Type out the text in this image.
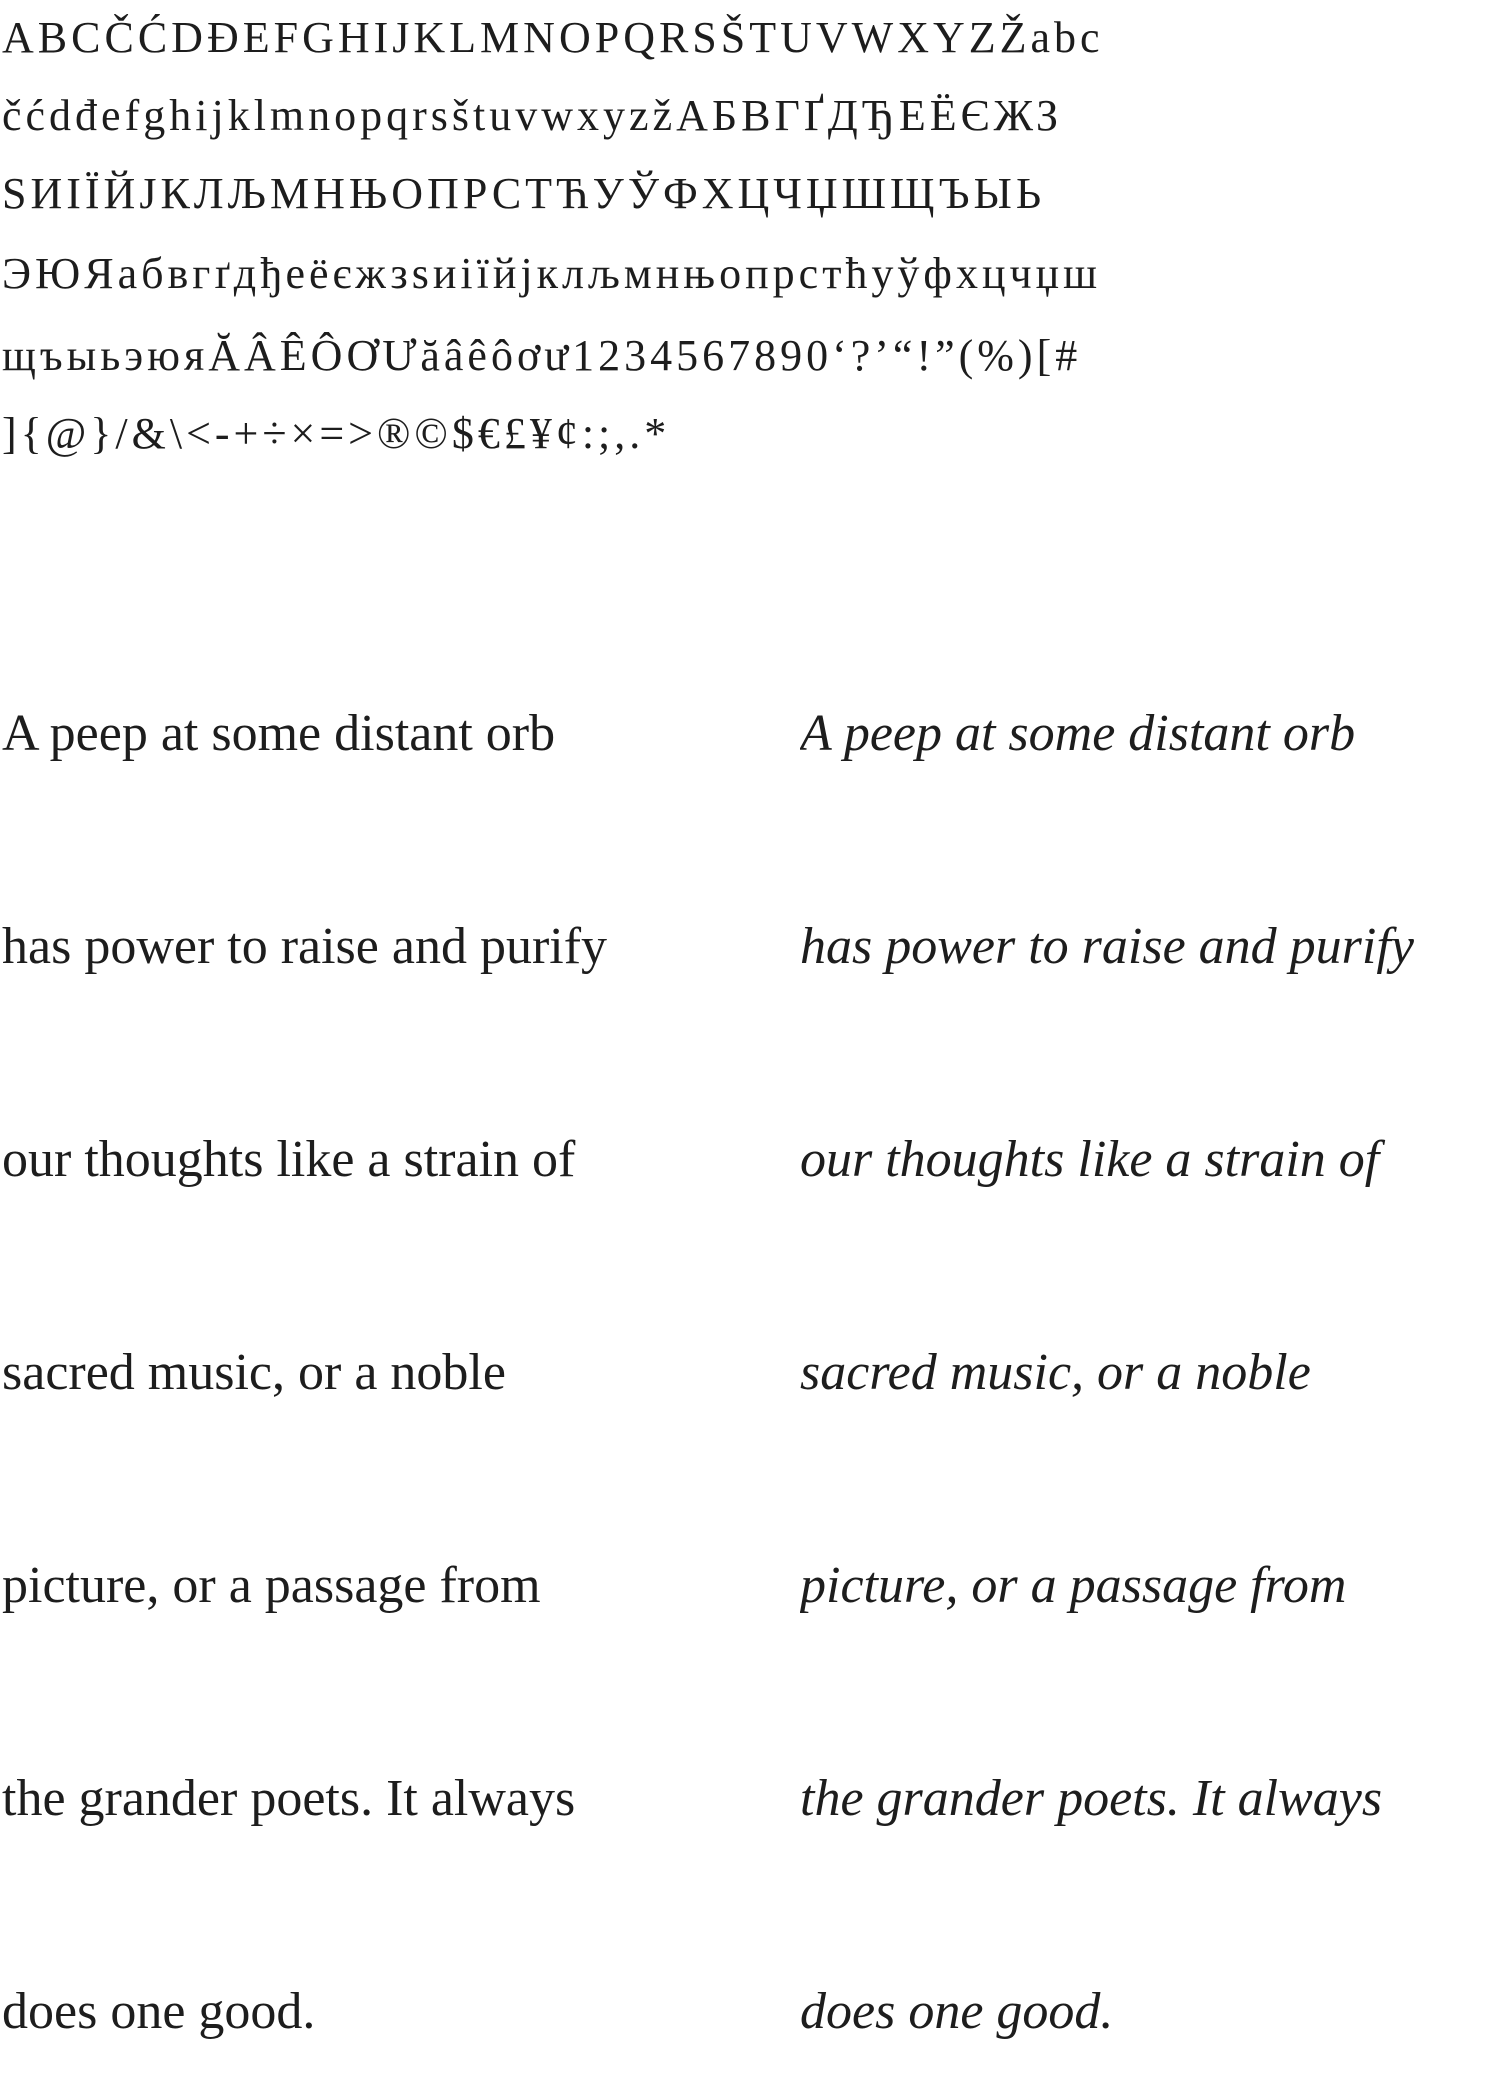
ABCČĆDĐEFGHIJKLMNOPQRSŠTUVWXYZŽabc
čćdđefghijklmnopqrsštuvwxyzžАБВГҐДЂЕЁЄЖЗ
ЅИІЇЙЈКЛЉМНЊОПРСТЋУЎФХЦЧЏШЩЪЫЬ
ЭЮЯабвгґдђеёєжзѕиіїйјклљмнњопрстћуўфхцчџш
щъыьэюяĂÂÊÔƠƯăâêôơư1234567890‘?’“!”(%)[#
]{@}/&\<-+÷×=>®©$€£¥¢:;,.*

A peep at some distant orb

has power to raise and purify

our thoughts like a strain of

sacred music, or a noble

picture, or a passage from

the grander poets. It always

does one good.

A peep at some distant orb

has power to raise and purify

our thoughts like a strain of

sacred music, or a noble

picture, or a passage from

the grander poets. It always

does one good.
